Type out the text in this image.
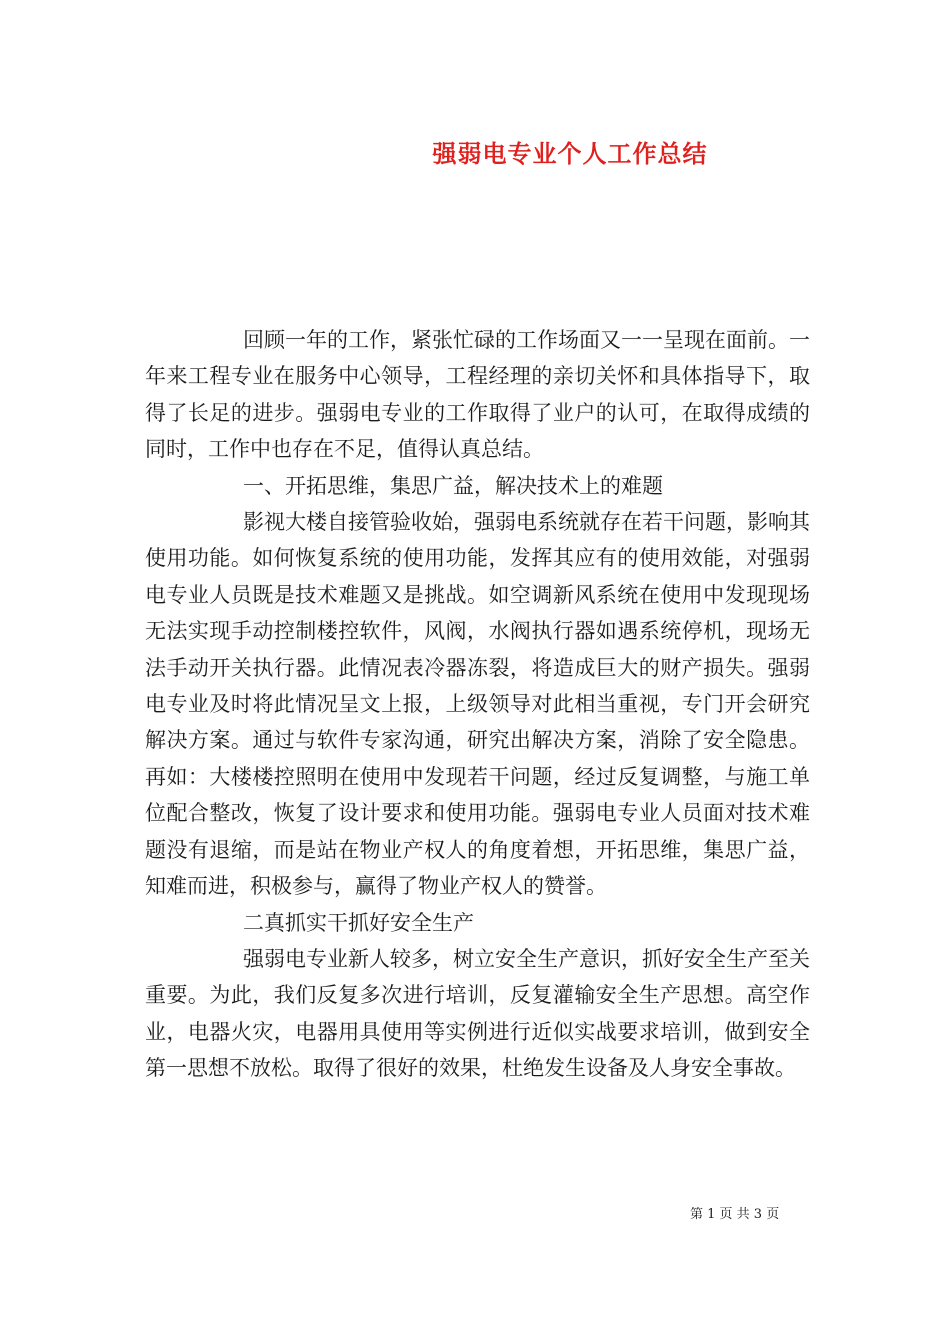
强弱电专业个人工作总结

回顾一年的工作，紧张忙碌的工作场面又一一呈现在面前。一年来工程专业在服务中心领导，工程经理的亲切关怀和具体指导下，取得了长足的进步。强弱电专业的工作取得了业户的认可，在取得成绩的同时，工作中也存在不足，值得认真总结。

一、开拓思维，集思广益，解决技术上的难题

影视大楼自接管验收始，强弱电系统就存在若干问题，影响其使用功能。如何恢复系统的使用功能，发挥其应有的使用效能，对强弱电专业人员既是技术难题又是挑战。如空调新风系统在使用中发现现场无法实现手动控制楼控软件，风阀，水阀执行器如遇系统停机，现场无法手动开关执行器。此情况表冷器冻裂，将造成巨大的财产损失。强弱电专业及时将此情况呈文上报，上级领导对此相当重视，专门开会研究解决方案。通过与软件专家沟通，研究出解决方案，消除了安全隐患。再如：大楼楼控照明在使用中发现若干问题，经过反复调整，与施工单位配合整改，恢复了设计要求和使用功能。强弱电专业人员面对技术难题没有退缩，而是站在物业产权人的角度着想，开拓思维，集思广益，知难而进，积极参与，赢得了物业产权人的赞誉。

二真抓实干抓好安全生产

强弱电专业新人较多，树立安全生产意识，抓好安全生产至关重要。为此，我们反复多次进行培训，反复灌输安全生产思想。高空作业，电器火灾，电器用具使用等实例进行近似实战要求培训，做到安全第一思想不放松。取得了很好的效果，杜绝发生设备及人身安全事故。

第 1 页 共 3 页
